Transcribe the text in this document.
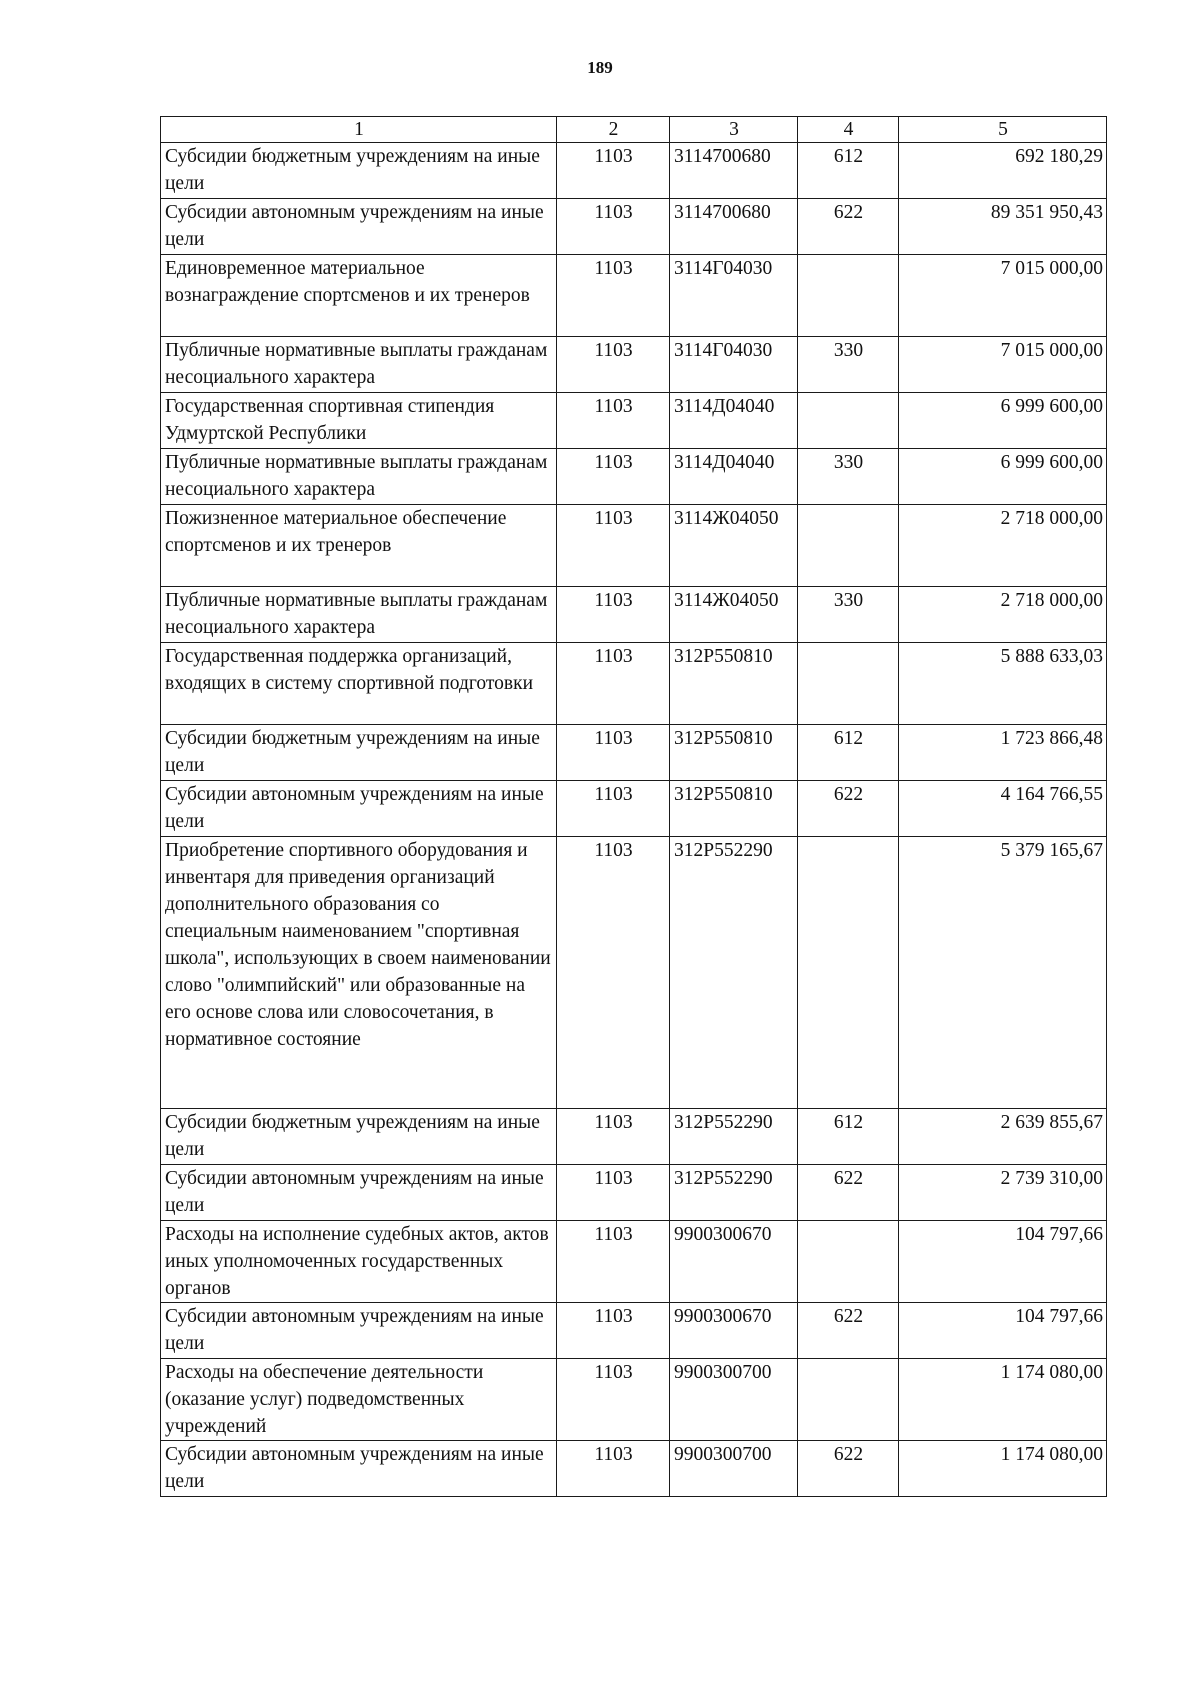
189
1	2	3	4	5
Субсидии бюджетным учреждениям на иные цели	1103	3114700680	612	692 180,29
Субсидии автономным учреждениям на иные цели	1103	3114700680	622	89 351 950,43
Единовременное материальное вознаграждение спортсменов и их тренеров	1103	3114Г04030		7 015 000,00
Публичные нормативные выплаты гражданам несоциального характера	1103	3114Г04030	330	7 015 000,00
Государственная спортивная стипендия Удмуртской Республики	1103	3114Д04040		6 999 600,00
Публичные нормативные выплаты гражданам несоциального характера	1103	3114Д04040	330	6 999 600,00
Пожизненное материальное обеспечение спортсменов и их тренеров	1103	3114Ж04050		2 718 000,00
Публичные нормативные выплаты гражданам несоциального характера	1103	3114Ж04050	330	2 718 000,00
Государственная поддержка организаций, входящих в систему спортивной подготовки	1103	312P550810		5 888 633,03
Субсидии бюджетным учреждениям на иные цели	1103	312P550810	612	1 723 866,48
Субсидии автономным учреждениям на иные цели	1103	312P550810	622	4 164 766,55
Приобретение спортивного оборудования и инвентаря для приведения организаций дополнительного образования со специальным наименованием "спортивная школа", использующих в своем наименовании слово "олимпийский" или образованные на его основе слова или словосочетания, в нормативное состояние	1103	312P552290		5 379 165,67
Субсидии бюджетным учреждениям на иные цели	1103	312P552290	612	2 639 855,67
Субсидии автономным учреждениям на иные цели	1103	312P552290	622	2 739 310,00
Расходы на исполнение судебных актов, актов иных уполномоченных государственных органов	1103	9900300670		104 797,66
Субсидии автономным учреждениям на иные цели	1103	9900300670	622	104 797,66
Расходы на обеспечение деятельности (оказание услуг) подведомственных учреждений	1103	9900300700		1 174 080,00
Субсидии автономным учреждениям на иные цели	1103	9900300700	622	1 174 080,00
